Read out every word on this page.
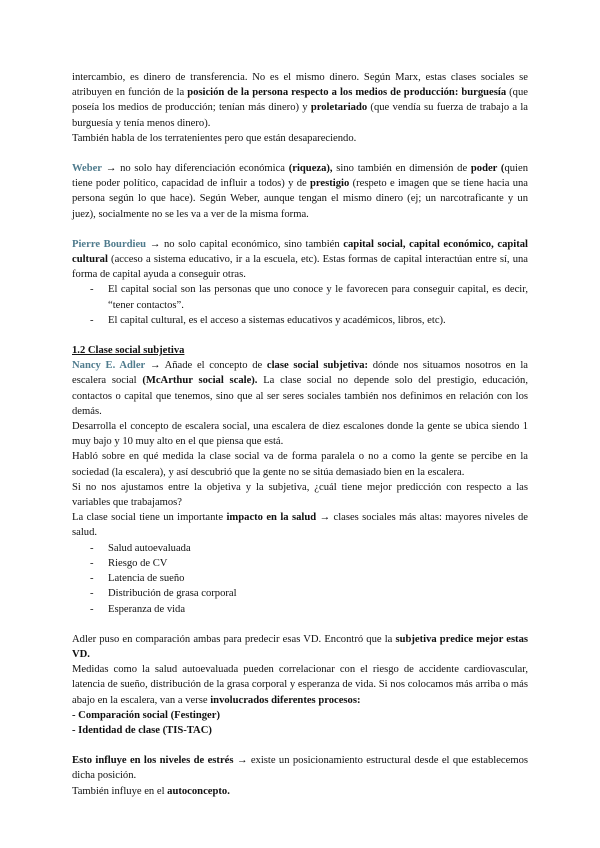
intercambio, es dinero de transferencia. No es el mismo dinero. Según Marx, estas clases sociales se atribuyen en función de la posición de la persona respecto a los medios de producción: burguesía (que poseía los medios de producción; tenían más dinero) y proletariado (que vendía su fuerza de trabajo a la burguesía y tenía menos dinero).

También habla de los terratenientes pero que están desapareciendo.

Weber → no solo hay diferenciación económica (riqueza), sino también en dimensión de poder (quien tiene poder político, capacidad de influir a todos) y de prestigio (respeto e imagen que se tiene hacia una persona según lo que hace). Según Weber, aunque tengan el mismo dinero (ej; un narcotraficante y un juez), socialmente no se les va a ver de la misma forma.

Pierre Bourdieu → no solo capital económico, sino también capital social, capital económico, capital cultural (acceso a sistema educativo, ir a la escuela, etc). Estas formas de capital interactúan entre sí, una forma de capital ayuda a conseguir otras.

- El capital social son las personas que uno conoce y le favorecen para conseguir capital, es decir, “tener contactos”.
- El capital cultural, es el acceso a sistemas educativos y académicos, libros, etc).

1.2 Clase social subjetiva

Nancy E. Adler → Añade el concepto de clase social subjetiva: dónde nos situamos nosotros en la escalera social (McArthur social scale). La clase social no depende solo del prestigio, educación, contactos o capital que tenemos, sino que al ser seres sociales también nos definimos en relación con los demás.

Desarrolla el concepto de escalera social, una escalera de diez escalones donde la gente se ubica siendo 1 muy bajo y 10 muy alto en el que piensa que está.

Habló sobre en qué medida la clase social va de forma paralela o no a como la gente se percibe en la sociedad (la escalera), y así descubrió que la gente no se sitúa demasiado bien en la escalera.

Si no nos ajustamos entre la objetiva y la subjetiva, ¿cuál tiene mejor predicción con respecto a las variables que trabajamos?

La clase social tiene un importante impacto en la salud → clases sociales más altas: mayores niveles de salud.

- Salud autoevaluada
- Riesgo de CV
- Latencia de sueño
- Distribución de grasa corporal
- Esperanza de vida

Adler puso en comparación ambas para predecir esas VD. Encontró que la subjetiva predice mejor estas VD.

Medidas como la salud autoevaluada pueden correlacionar con el riesgo de accidente cardiovascular, latencia de sueño, distribución de la grasa corporal y esperanza de vida. Si nos colocamos más arriba o más abajo en la escalera, van a verse involucrados diferentes procesos:

- Comparación social (Festinger)

- Identidad de clase (TIS-TAC)

Esto influye en los niveles de estrés → existe un posicionamiento estructural desde el que establecemos dicha posición.

También influye en el autoconcepto.
